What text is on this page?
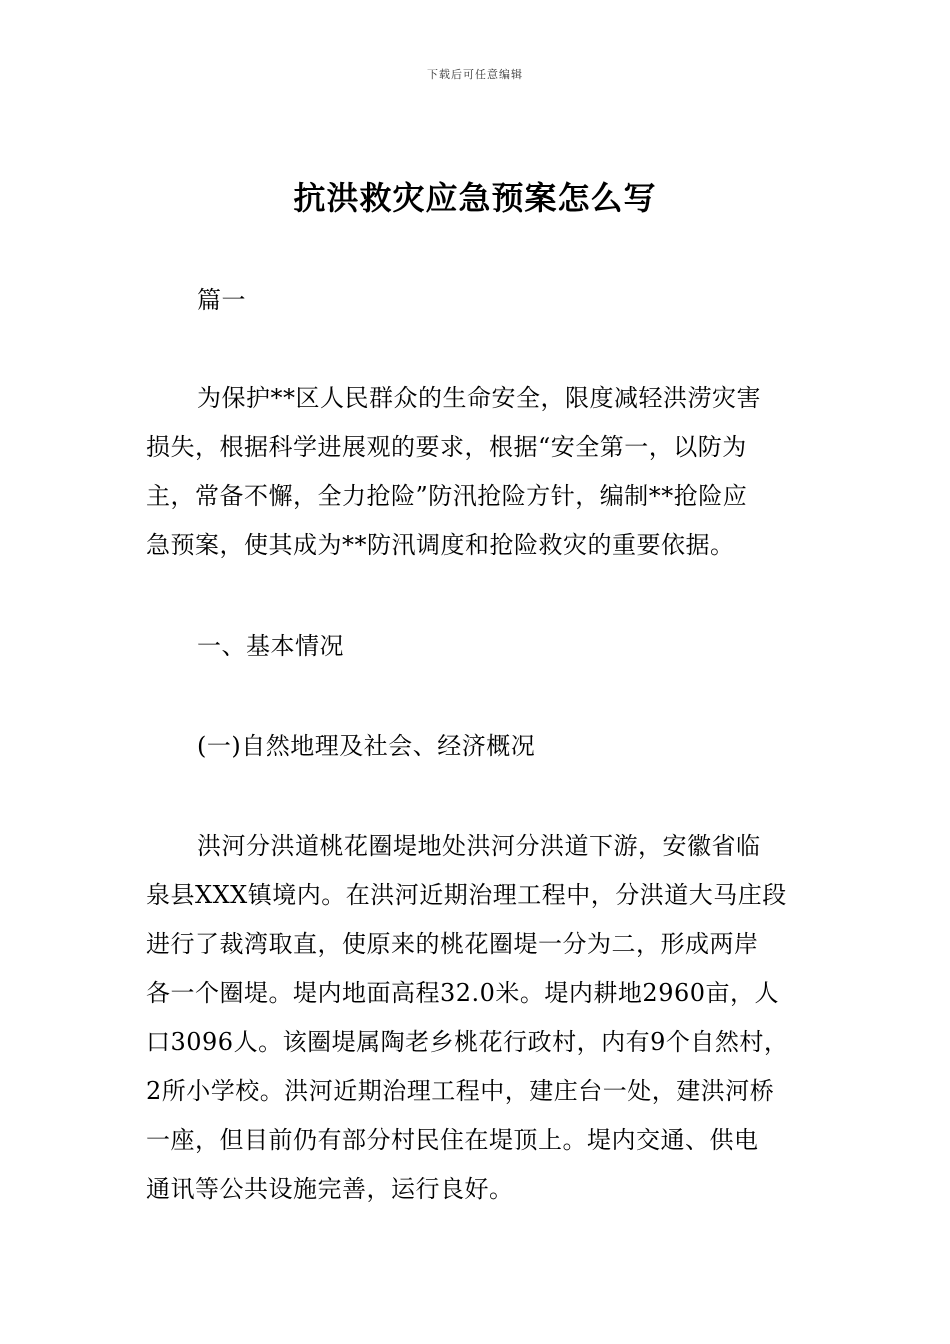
下载后可任意编辑
抗洪救灾应急预案怎么写
篇一
为保护**区人民群众的生命安全，限度减轻洪涝灾害
损失，根据科学进展观的要求，根据“安全第一，以防为
主，常备不懈，全力抢险”防汛抢险方针，编制**抢险应
急预案，使其成为**防汛调度和抢险救灾的重要依据。
一、基本情况
(一)自然地理及社会、经济概况
洪河分洪道桃花圈堤地处洪河分洪道下游，安徽省临
泉县XXX镇境内。在洪河近期治理工程中，分洪道大马庄段
进行了裁湾取直，使原来的桃花圈堤一分为二，形成两岸
各一个圈堤。堤内地面高程32.0米。堤内耕地2960亩，人
口3096人。该圈堤属陶老乡桃花行政村，内有9个自然村，
2所小学校。洪河近期治理工程中，建庄台一处，建洪河桥
一座，但目前仍有部分村民住在堤顶上。堤内交通、供电
通讯等公共设施完善，运行良好。
